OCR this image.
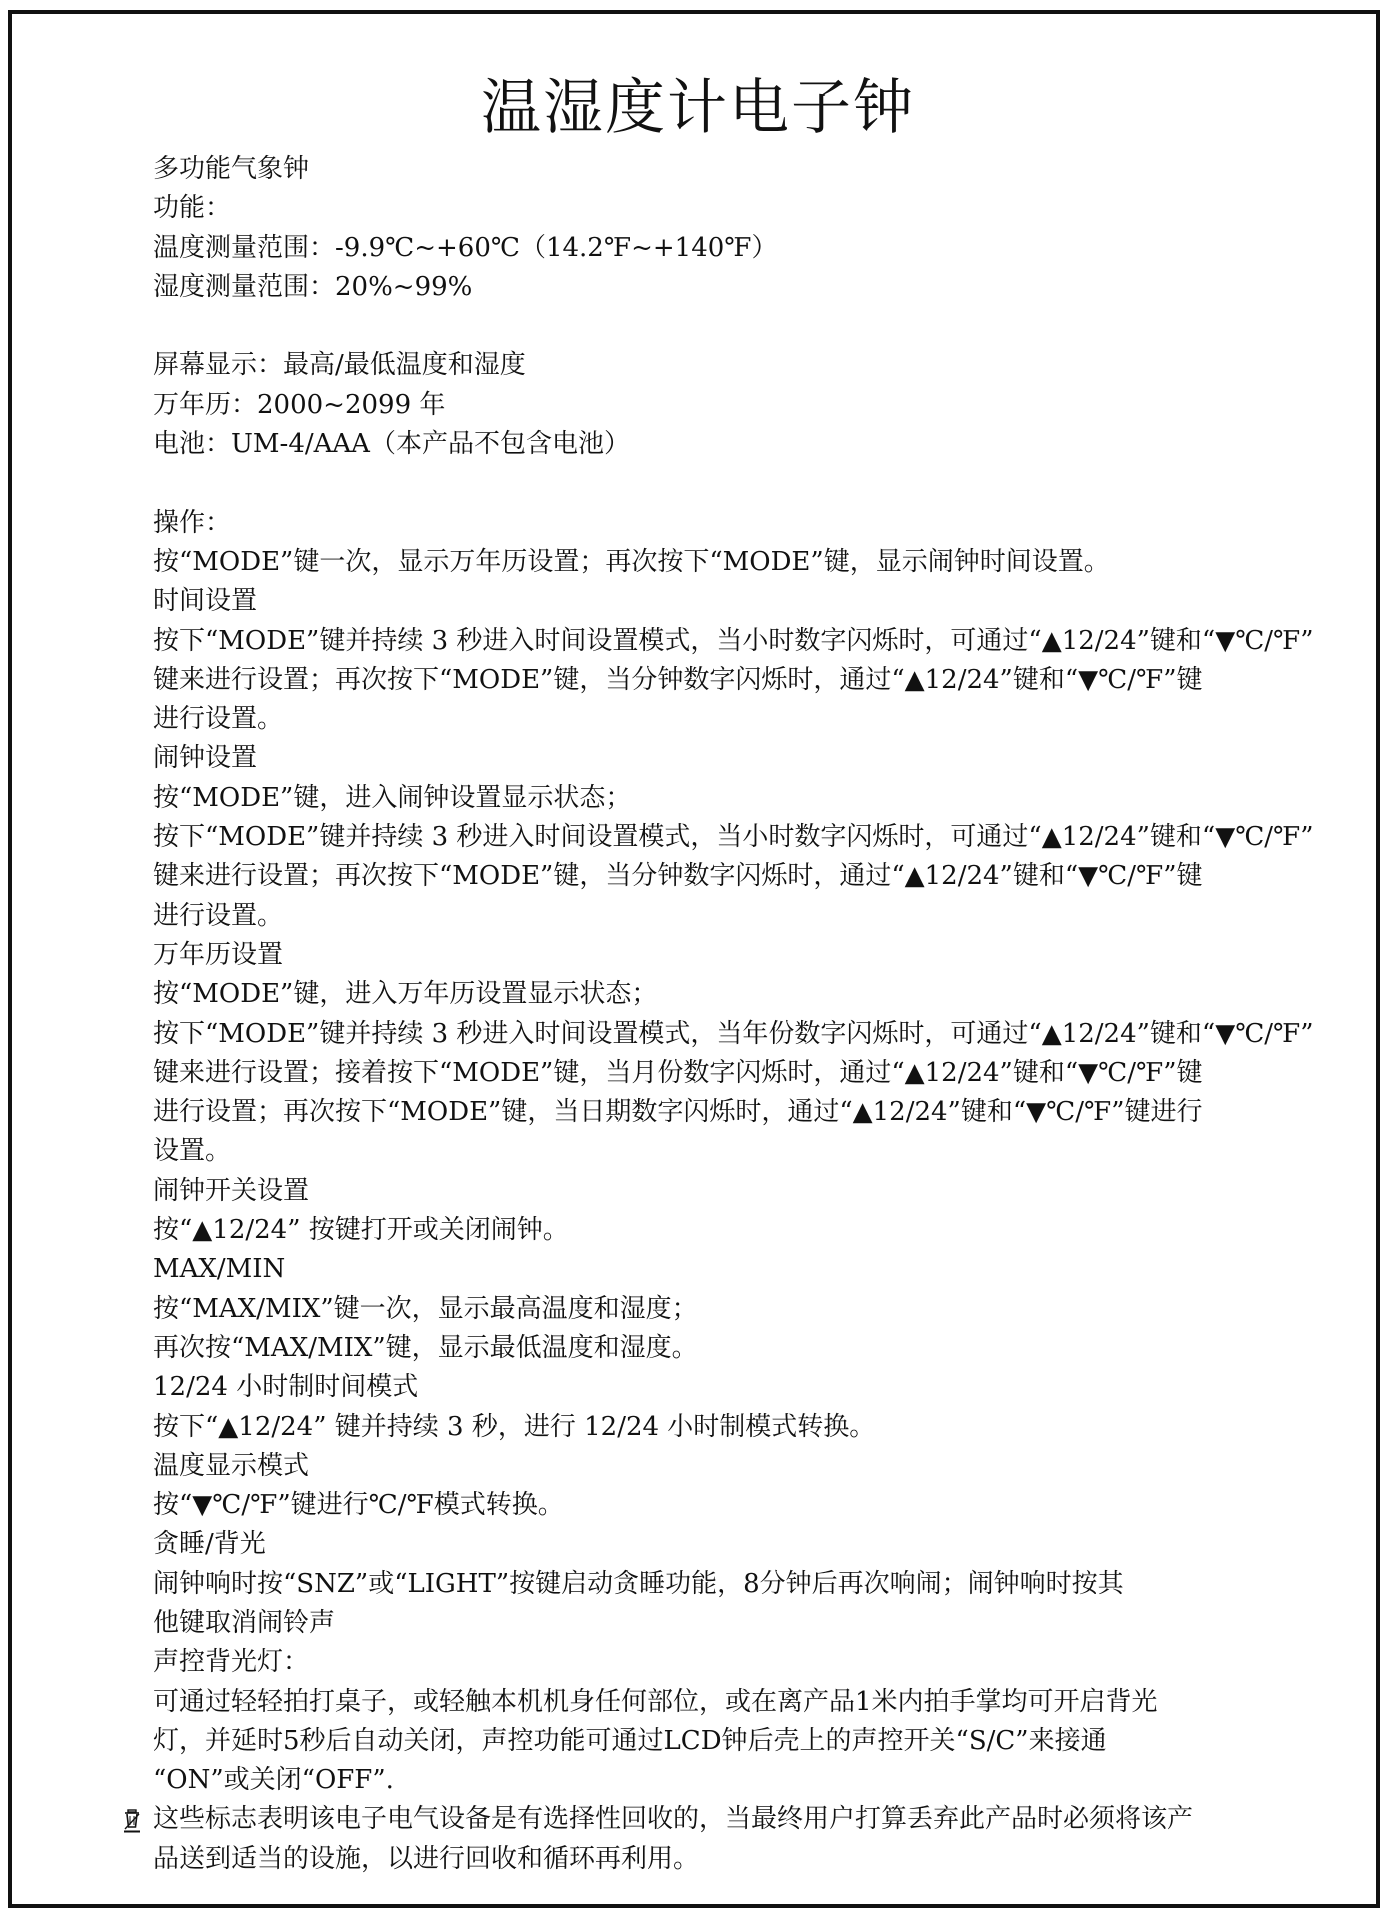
温湿度计电子钟
多功能气象钟
功能：
温度测量范围：-9.9℃~+60℃（14.2℉~+140℉）
湿度测量范围：20%~99%
屏幕显示：最高/最低温度和湿度
万年历：2000~2099 年
电池：UM-4/AAA（本产品不包含电池）
操作：
按“MODE”键一次，显示万年历设置；再次按下“MODE”键，显示闹钟时间设置。
时间设置
按下“MODE”键并持续 3 秒进入时间设置模式，当小时数字闪烁时，可通过“▲12/24”键和“▼℃/℉”
键来进行设置；再次按下“MODE”键，当分钟数字闪烁时，通过“▲12/24”键和“▼℃/℉”键
进行设置。
闹钟设置
按“MODE”键，进入闹钟设置显示状态；
按下“MODE”键并持续 3 秒进入时间设置模式，当小时数字闪烁时，可通过“▲12/24”键和“▼℃/℉”
键来进行设置；再次按下“MODE”键，当分钟数字闪烁时，通过“▲12/24”键和“▼℃/℉”键
进行设置。
万年历设置
按“MODE”键，进入万年历设置显示状态；
按下“MODE”键并持续 3 秒进入时间设置模式，当年份数字闪烁时，可通过“▲12/24”键和“▼℃/℉”
键来进行设置；接着按下“MODE”键，当月份数字闪烁时，通过“▲12/24”键和“▼℃/℉”键
进行设置；再次按下“MODE”键，当日期数字闪烁时，通过“▲12/24”键和“▼℃/℉”键进行
设置。
闹钟开关设置
按“▲12/24” 按键打开或关闭闹钟。
MAX/MIN
按“MAX/MIX”键一次，显示最高温度和湿度；
再次按“MAX/MIX”键，显示最低温度和湿度。
12/24 小时制时间模式
按下“▲12/24” 键并持续 3 秒，进行 12/24 小时制模式转换。
温度显示模式
按“▼℃/℉”键进行℃/℉模式转换。
贪睡/背光
闹钟响时按“SNZ”或“LIGHT”按键启动贪睡功能，8分钟后再次响闹；闹钟响时按其
他键取消闹铃声
声控背光灯：
可通过轻轻拍打桌子，或轻触本机机身任何部位，或在离产品1米内拍手掌均可开启背光
灯，并延时5秒后自动关闭，声控功能可通过LCD钟后壳上的声控开关“S/C”来接通
“ON”或关闭“OFF”.
这些标志表明该电子电气设备是有选择性回收的，当最终用户打算丢弃此产品时必须将该产
品送到适当的设施，以进行回收和循环再利用。
